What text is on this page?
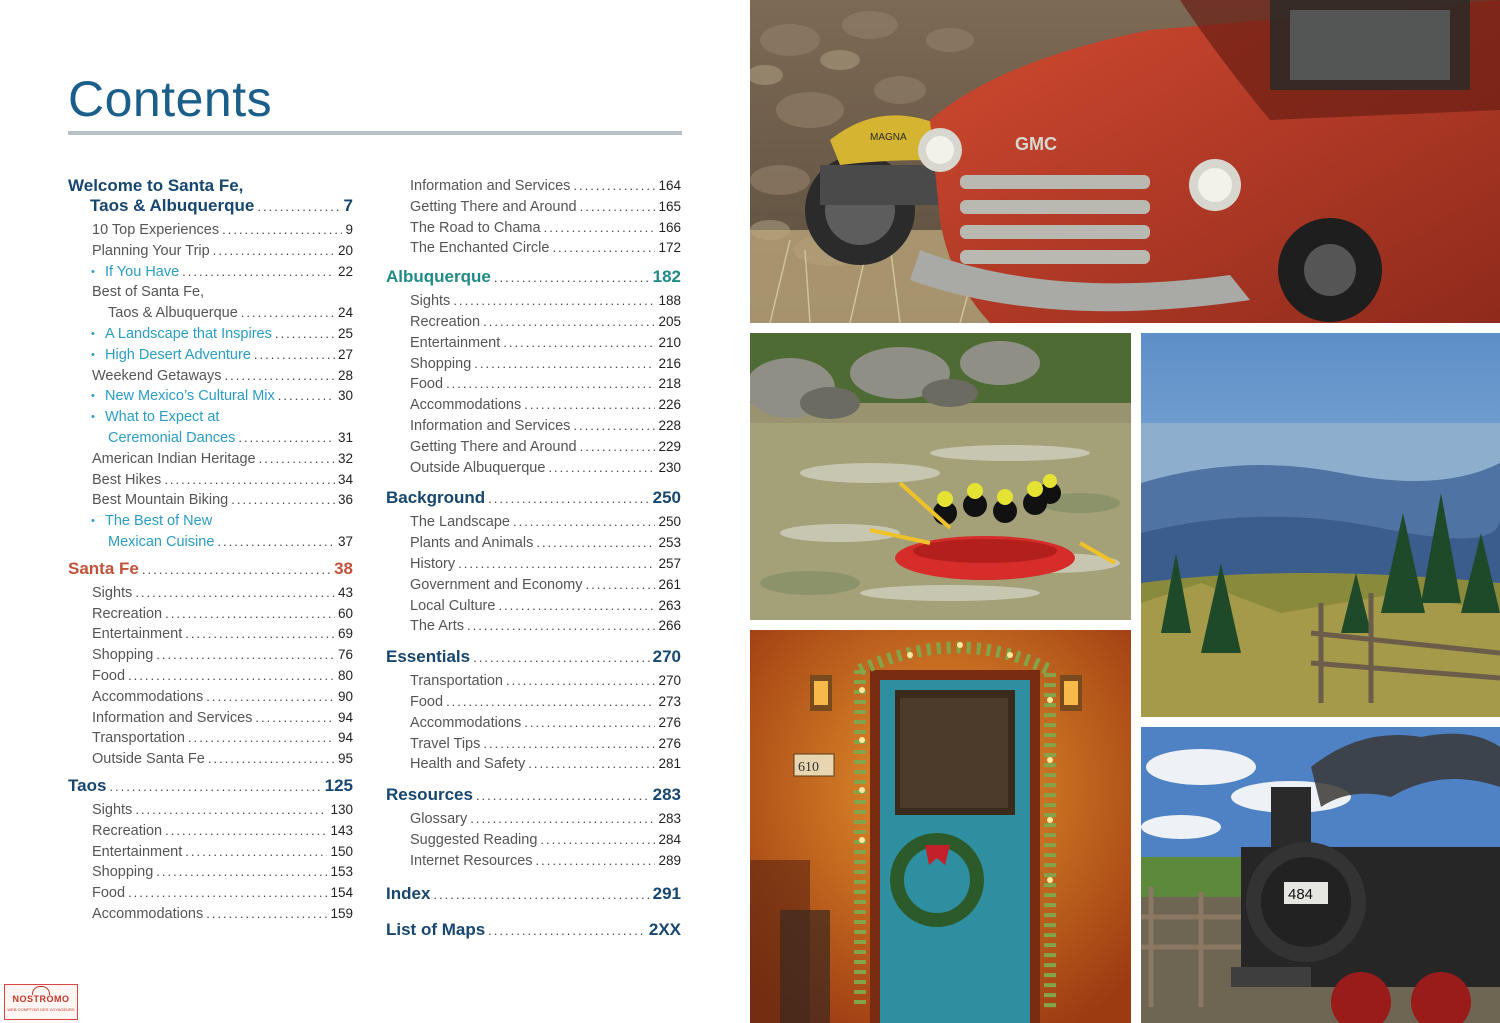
Contents
Welcome to Santa Fe,
Taos & Albuquerque .....	7
10 Top Experiences .....	9
Planning Your Trip .....	20
• If You Have .....	22
Best of Santa Fe,
Taos & Albuquerque .....	24
• A Landscape that Inspires .....	25
• High Desert Adventure .....	27
Weekend Getaways .....	28
• New Mexico’s Cultural Mix .....	30
• What to Expect at
Ceremonial Dances .....	31
American Indian Heritage .....	32
Best Hikes .....	34
Best Mountain Biking .....	36
• The Best of New
Mexican Cuisine .....	37
Santa Fe .....	38
Sights .....	43
Recreation .....	60
Entertainment .....	69
Shopping .....	76
Food .....	80
Accommodations .....	90
Information and Services .....	94
Transportation .....	94
Outside Santa Fe .....	95
Taos .....	125
Sights .....	130
Recreation .....	143
Entertainment .....	150
Shopping .....	153
Food .....	154
Accommodations .....	159
Information and Services .....	164
Getting There and Around .....	165
The Road to Chama .....	166
The Enchanted Circle .....	172
Albuquerque .....	182
Sights .....	188
Recreation .....	205
Entertainment .....	210
Shopping .....	216
Food .....	218
Accommodations .....	226
Information and Services .....	228
Getting There and Around .....	229
Outside Albuquerque .....	230
Background .....	250
The Landscape .....	250
Plants and Animals .....	253
History .....	257
Government and Economy .....	261
Local Culture .....	263
The Arts .....	266
Essentials .....	270
Transportation .....	270
Food .....	273
Accommodations .....	276
Travel Tips .....	276
Health and Safety .....	281
Resources .....	283
Glossary .....	283
Suggested Reading .....	284
Internet Resources .....	289
Index .....	291
List of Maps .....	2XX
NOSTROMO
WEB COMPTOIR DES VOYAGEURS
MAGNA	GMC
610
484
